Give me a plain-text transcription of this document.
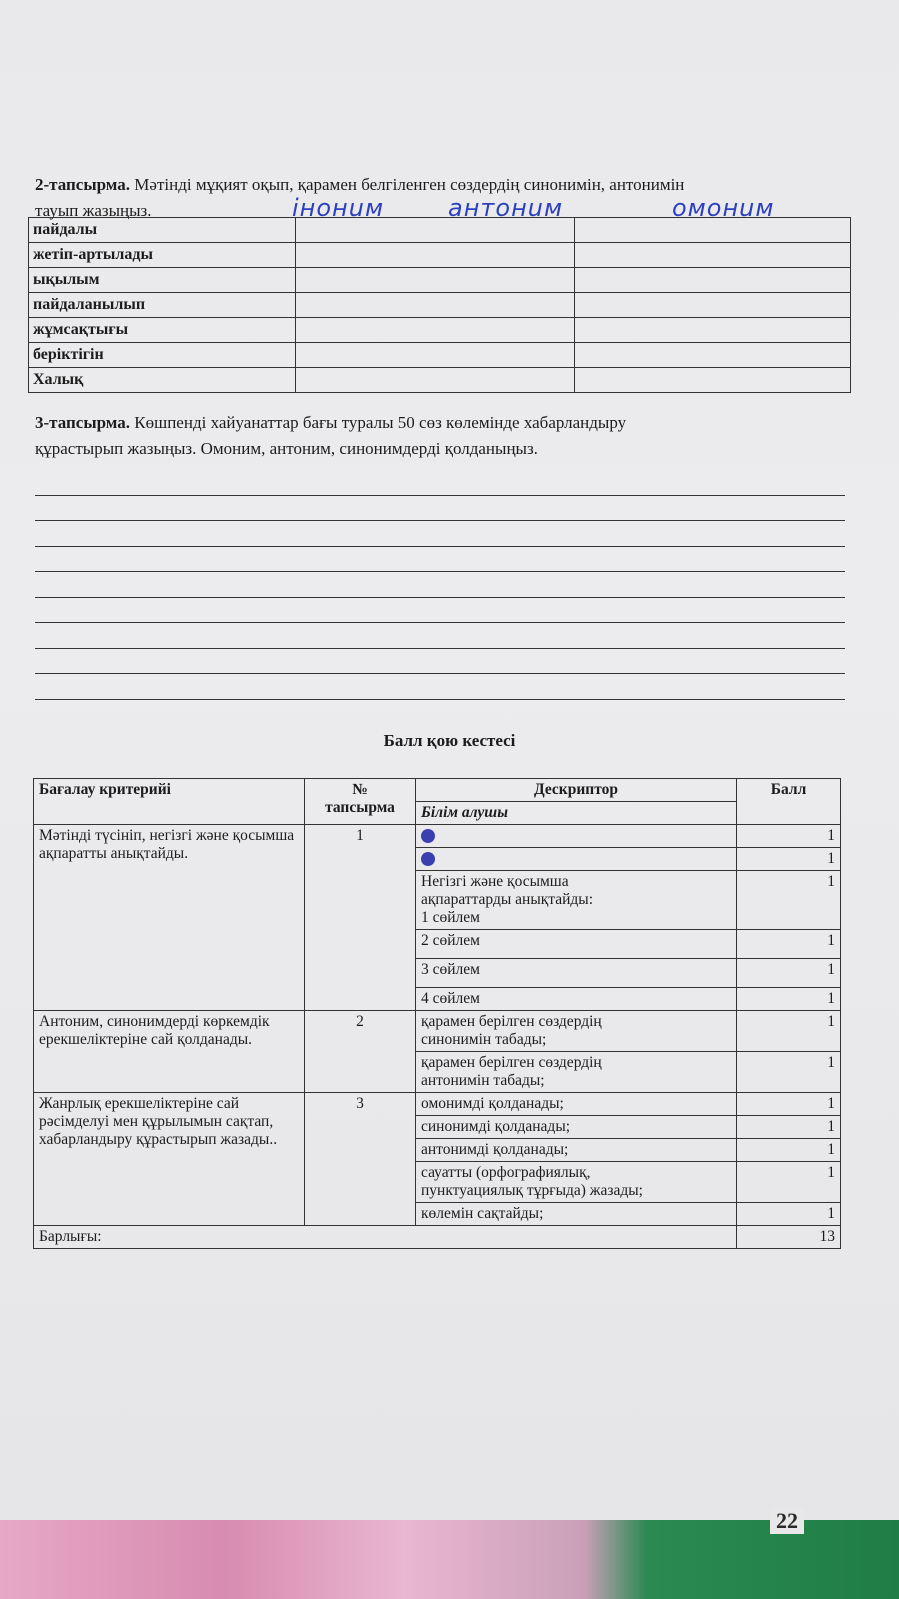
2-тапсырма. Мәтінді мұқият оқып, қарамен белгіленген сөздердің синонимін, антонимін
тауып жазыңыз.	iнонuм	антонuм	омонuм
пайдалы		
жетіп-артылады		
ықылым		
пайдаланылып		
жұмсақтығы		
беріктігін		
Халық		
3-тапсырма. Көшпенді хайуанаттар бағы туралы 50 сөз көлемінде хабарландыру
құрастырып жазыңыз. Омоним, антоним, синонимдерді қолданыңыз.
Балл қою кестесі
Бағалау критерийі	№
тапсырма	Дескриптор	Балл
		Білім алушы	
Мәтінді түсініп, негізгі және қосымша ақпаратты анықтайды.	1		1
			1

		Негізгі және қосымша
ақпараттарды анықтайды:
1 сөйлем	1
		2 сөйлем	1
		3 сөйлем	1
		4 сөйлем	1
Антоним, синонимдерді көркемдік ерекшеліктеріне сай қолданады.	2	қарамен берілген сөздердің
синонимін табады;	1

		қарамен берілген сөздердің
антонимін табады;	1
Жанрлық ерекшеліктеріне сай рәсімделуі мен құрылымын сақтап, хабарландыру құрастырып жазады..	3	омонимді қолданады;	1
		синонимді қолданады;	1
		антонимді қолданады;	1

		сауатты (орфографиялық,
пунктуациялық тұрғыда) жазады;	1
		көлемін сақтайды;	1
Барлығы:			13
22
